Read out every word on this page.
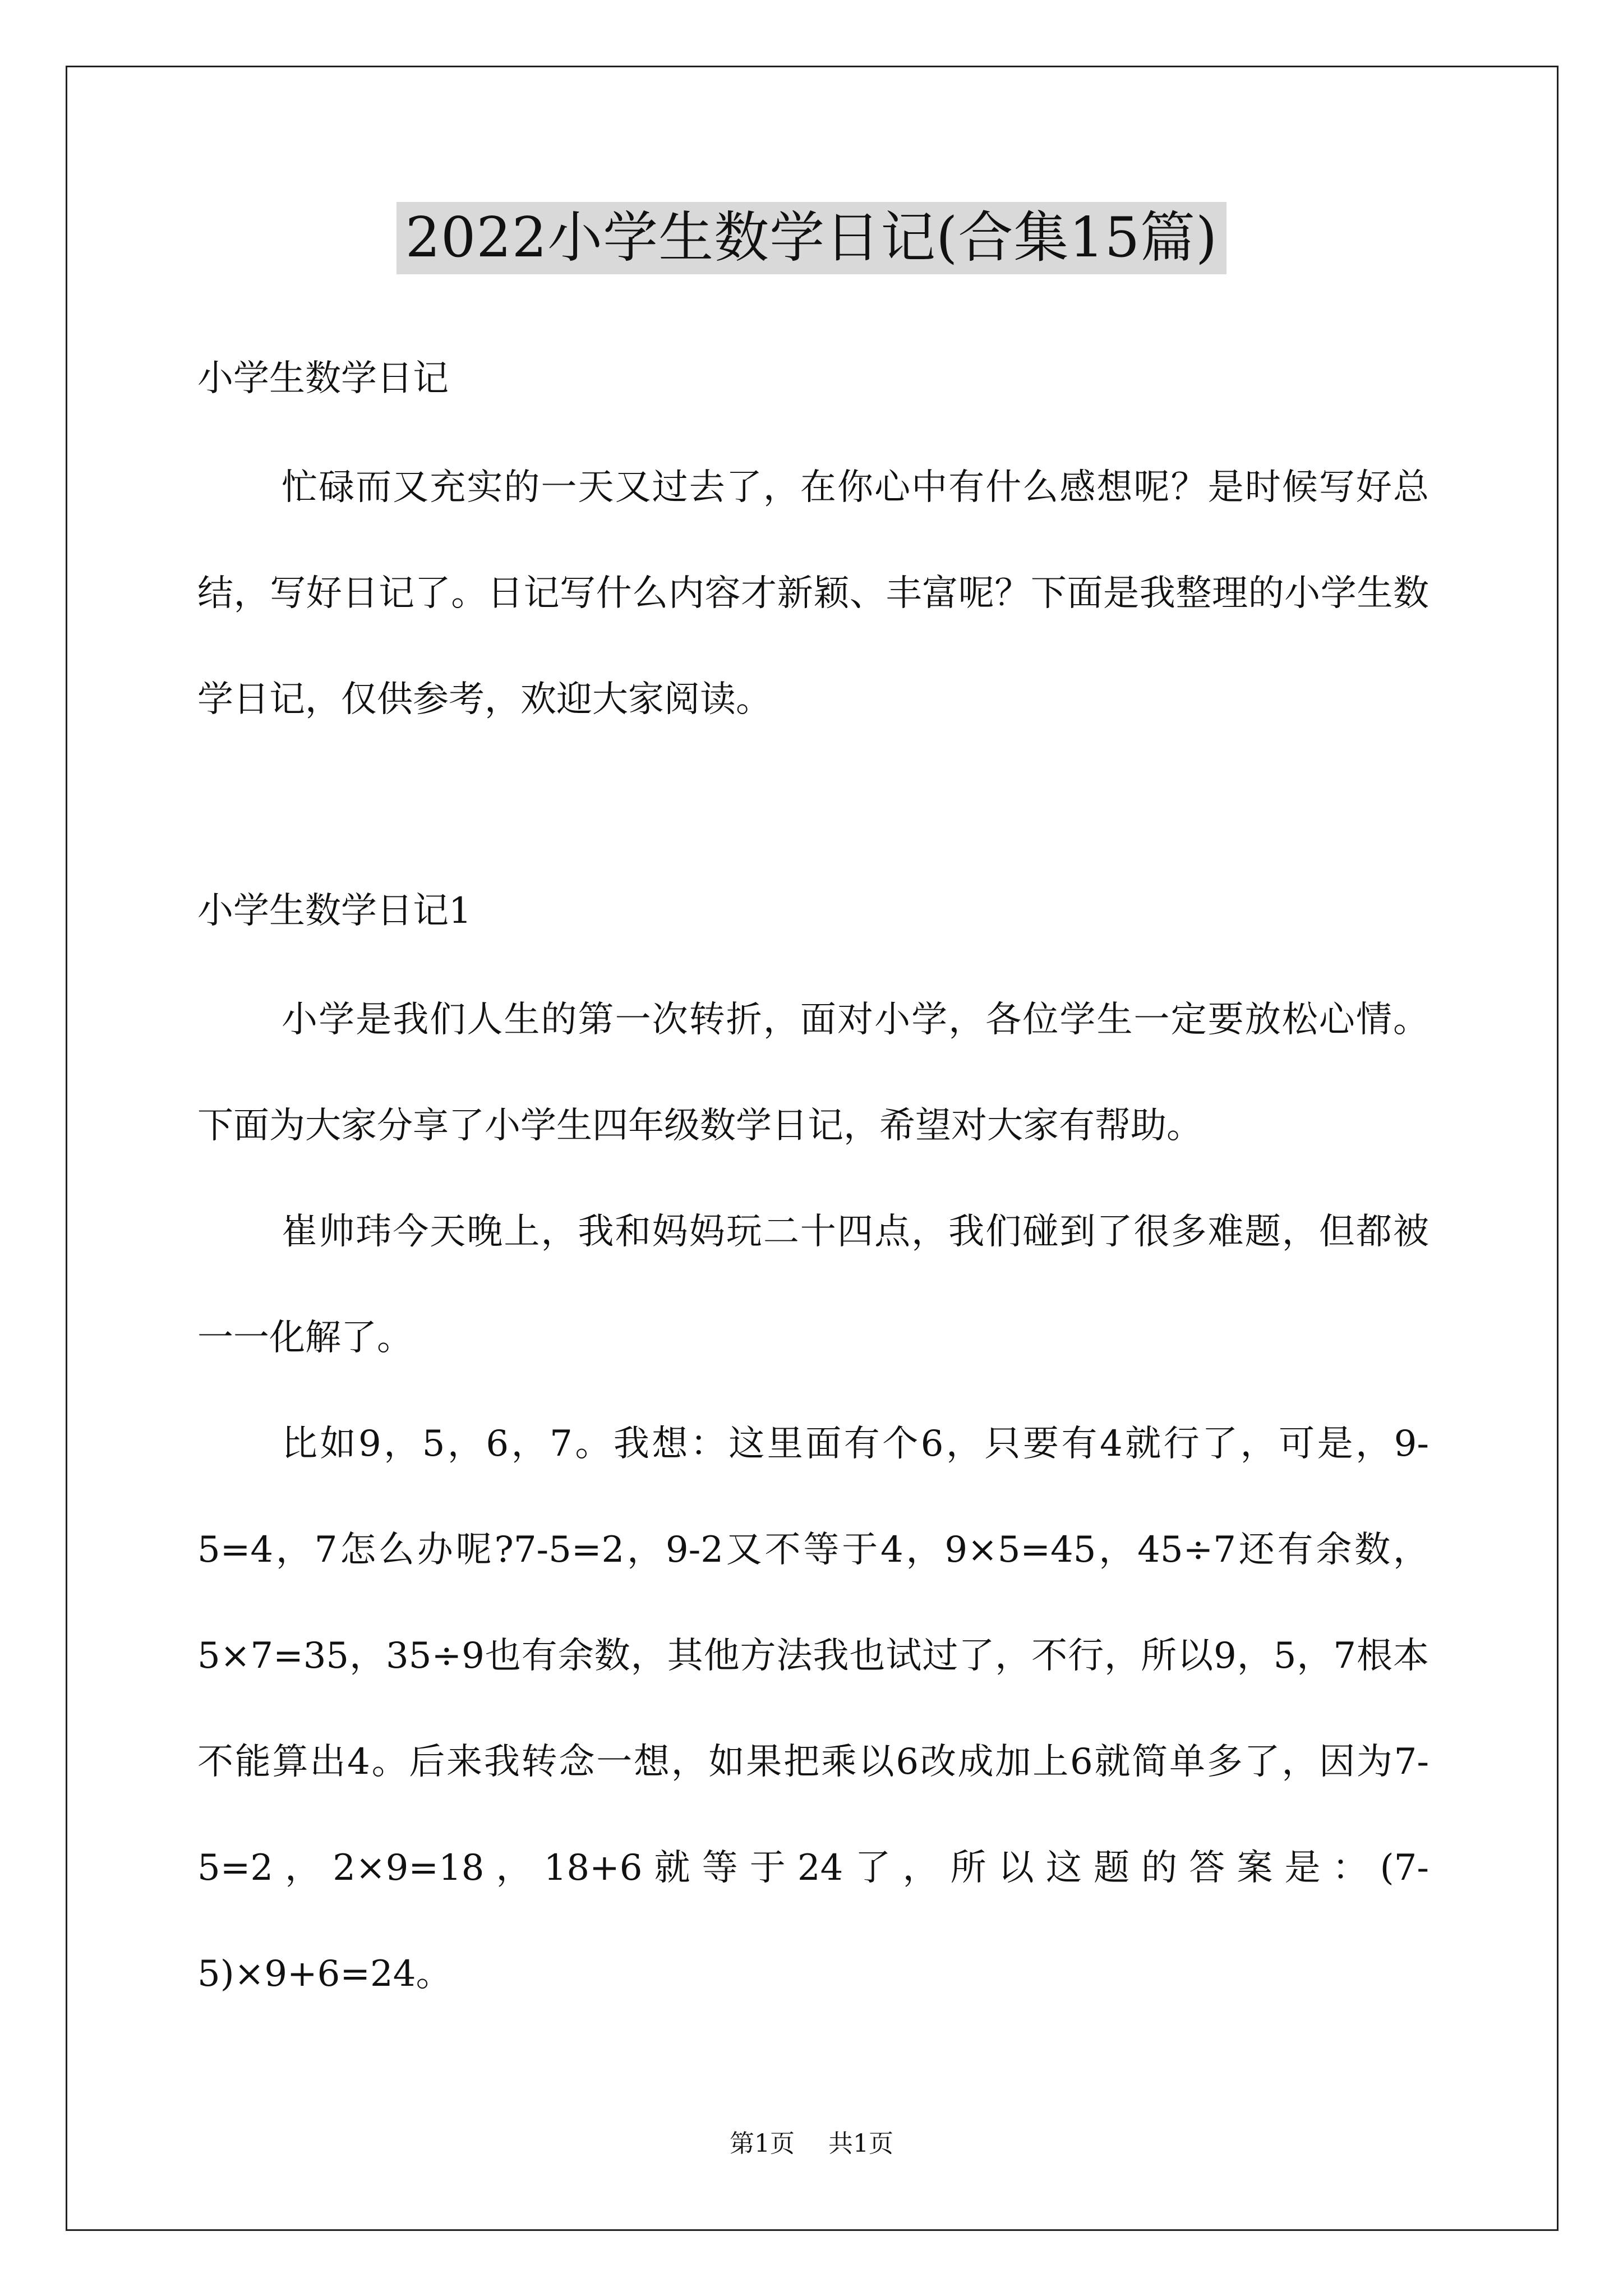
2022小学生数学日记(合集15篇)
小学生数学日记

忙碌而又充实的一天又过去了，在你心中有什么感想呢？是时候写好总结，写好日记了。日记写什么内容才新颖、丰富呢？下面是我整理的小学生数学日记，仅供参考，欢迎大家阅读。

小学生数学日记1

小学是我们人生的第一次转折，面对小学，各位学生一定要放松心情。下面为大家分享了小学生四年级数学日记，希望对大家有帮助。

崔帅玮今天晚上，我和妈妈玩二十四点，我们碰到了很多难题，但都被一一化解了。

比如9，5，6，7。我想：这里面有个6，只要有4就行了，可是，9-5=4，7怎么办呢?7-5=2，9-2又不等于4，9×5=45，45÷7还有余数，5×7=35，35÷9也有余数，其他方法我也试过了，不行，所以9，5，7根本不能算出4。后来我转念一想，如果把乘以6改成加上6就简单多了，因为7-5=2，2×9=18，18+6就等于24了，所以这题的答案是：(7-5)×9+6=24。

第1页 共1页
